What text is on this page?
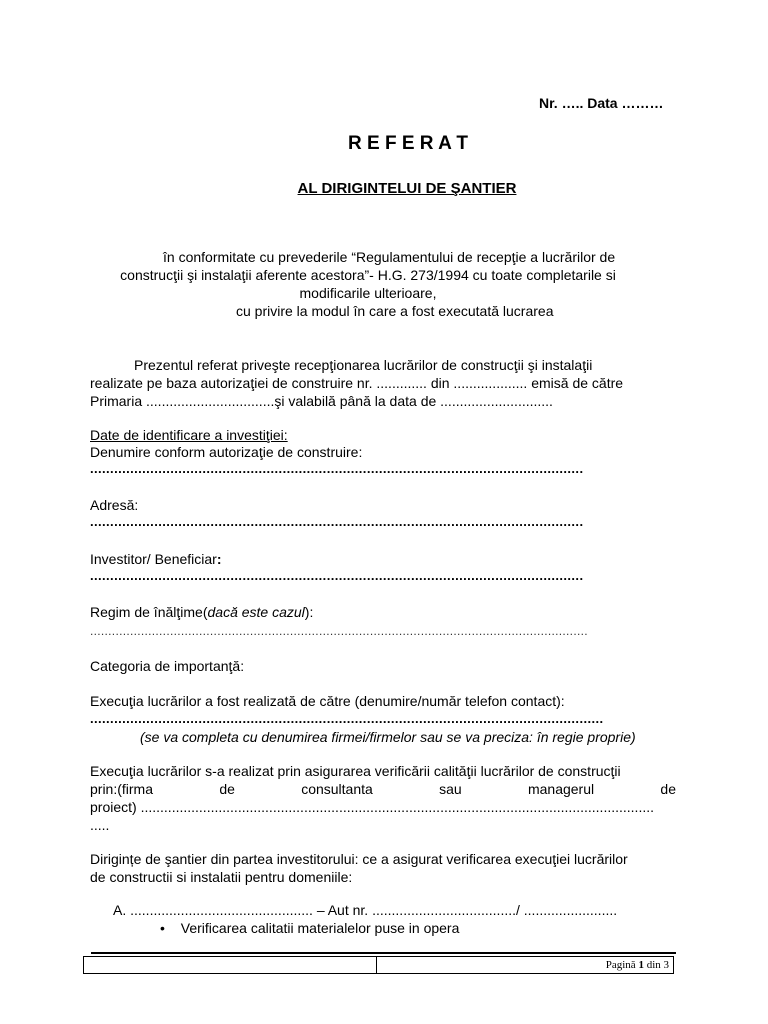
Nr. ….. Data ………
R E F E R A T
AL DIRIGINTELUI DE ŞANTIER
în conformitate cu prevederile “Regulamentului de recepţie a lucrărilor de
construcţii şi instalaţii aferente acestora”- H.G. 273/1994 cu toate completarile si
modificarile ulterioare,
cu privire la modul în care a fost executată lucrarea
Prezentul referat priveşte recepţionarea lucrărilor de construcţii şi instalaţii
realizate pe baza autorizaţiei de construire nr. ............. din ................... emisă de către
Primaria .................................şi valabilă până la data de .............................
Date de identificare a investiţiei:
Denumire conform autorizaţie de construire:
...........................................................................................................................
Adresă:
...........................................................................................................................
Investitor/ Beneficiar:
...........................................................................................................................
Regim de înălţime(dacă este cazul):
.........................................................................................................................................
Categoria de importanţă:
Execuţia lucrărilor a fost realizată de către (denumire/număr telefon contact):
................................................................................................................................
(se va completa cu denumirea firmei/firmelor sau se va preciza: în regie proprie)
Execuţia lucrărilor s-a realizat prin asigurarea verificării calităţii lucrărilor de construcţii
prin:(firma	de	consultanta	sau	managerul	de
proiect) ....................................................................................................................................
.....
Dirigințe de şantier din partea investitorului: ce a asigurat verificarea execuţiei lucrărilor
de constructii si instalatii pentru domeniile:
A. ............................................... – Aut nr. ...................................../ ........................
• Verificarea calitatii materialelor puse in opera
Pagină 1 din 3
